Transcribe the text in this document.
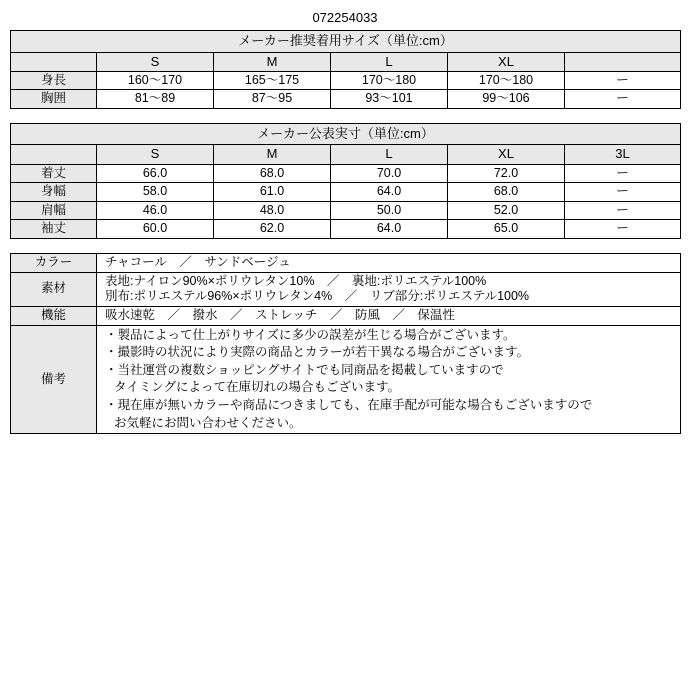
072254033
メーカー推奨着用サイズ（単位:cm）					
	S	M	L	XL	
身長	160〜170	165〜175	170〜180	170〜180	ー
胸囲	81〜89	87〜95	93〜101	99〜106	ー
メーカー公表実寸（単位:cm）					
	S	M	L	XL	3L
着丈	66.0	68.0	70.0	72.0	ー
身幅	58.0	61.0	64.0	68.0	ー
肩幅	46.0	48.0	50.0	52.0	ー
袖丈	60.0	62.0	64.0	65.0	ー
カラー	チャコール　／　サンドベージュ
素材	表地:ナイロン90%×ポリウレタン10%　／　裏地:ポリエステル100%
別布:ポリエステル96%×ポリウレタン4%　／　リブ部分:ポリエステル100%

機能	吸水速乾　／　撥水　／　ストレッチ　／　防風　／　保温性
備考	
・製品によって仕上がりサイズに多少の誤差が生じる場合がございます。
・撮影時の状況により実際の商品とカラーが若干異なる場合がございます。
・当社運営の複数ショッピングサイトでも同商品を掲載していますので
タイミングによって在庫切れの場合もございます。
・現在庫が無いカラーや商品につきましても、在庫手配が可能な場合もございますので
お気軽にお問い合わせください。
